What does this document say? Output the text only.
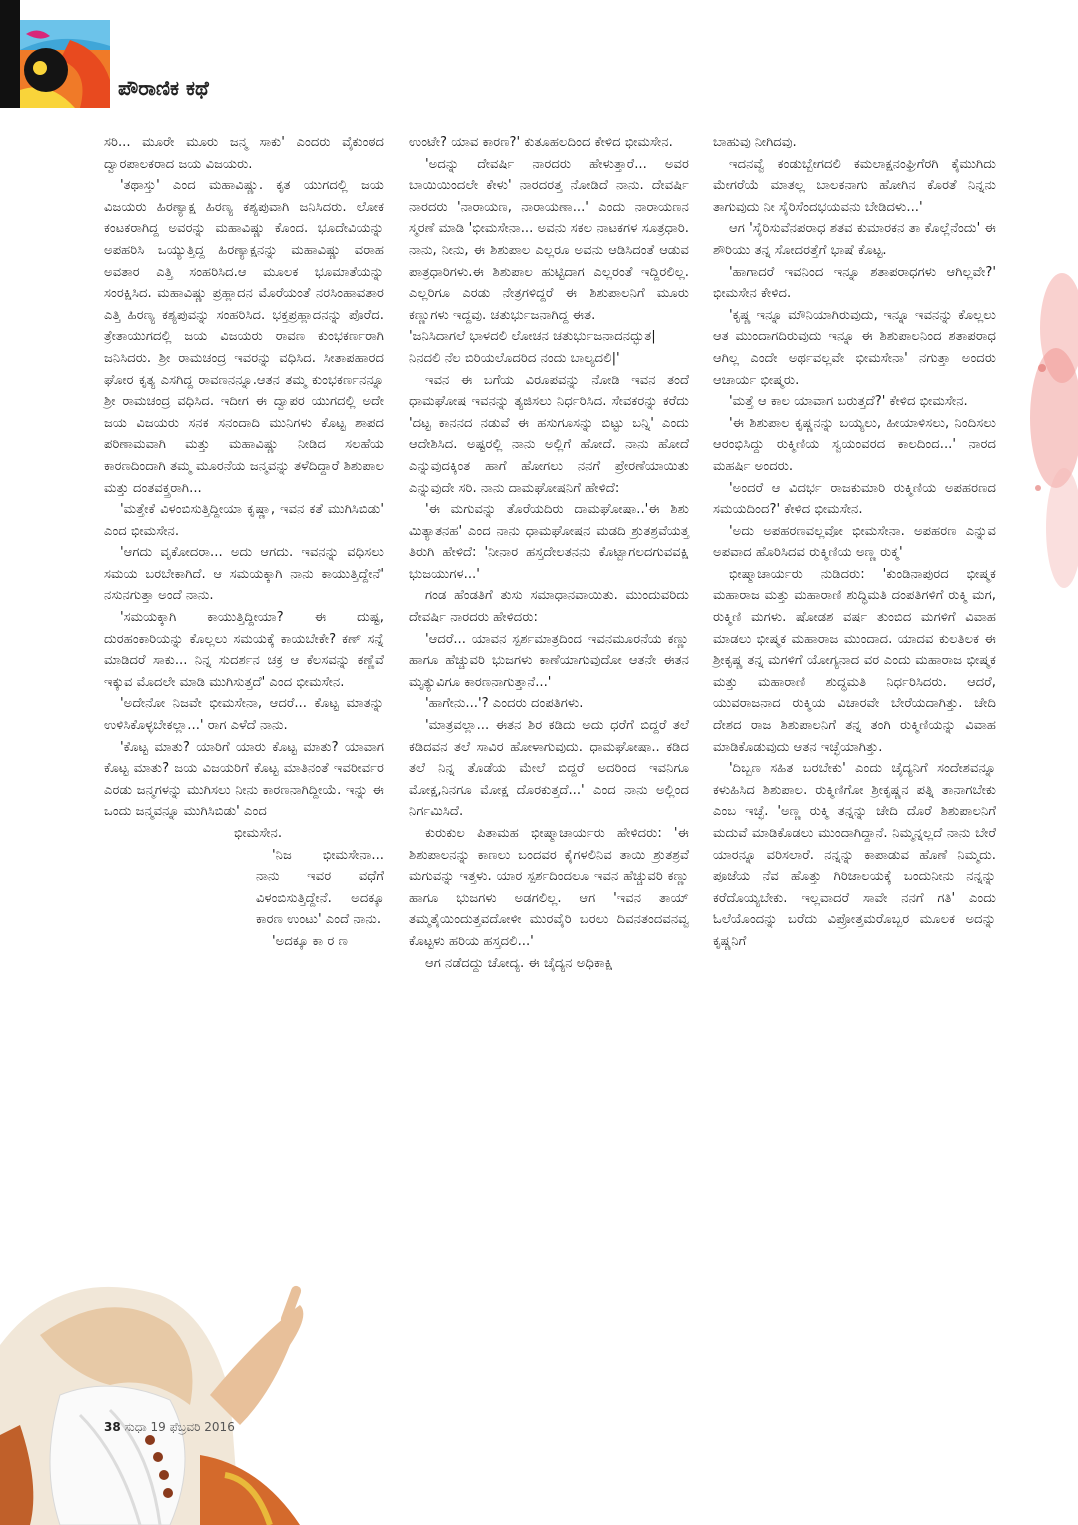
ಪೌರಾಣಿಕ ಕಥೆ

ಸರಿ... ಮೂರೇ ಮೂರು ಜನ್ಮ ಸಾಕು' ಎಂದರು ವೈಕುಂಠದ ದ್ವಾರಪಾಲಕರಾದ ಜಯ ವಿಜಯರು.

'ತಥಾಸ್ತು' ಎಂದ ಮಹಾವಿಷ್ಣು. ಕೃತ ಯುಗದಲ್ಲಿ ಜಯ ವಿಜಯರು ಹಿರಣ್ಯಾಕ್ಷ ಹಿರಣ್ಯ ಕಶ್ಯಪುವಾಗಿ ಜನಿಸಿದರು. ಲೋಕ ಕಂಟಕರಾಗಿದ್ದ ಅವರನ್ನು ಮಹಾವಿಷ್ಣು ಕೊಂದ. ಭೂದೇವಿಯನ್ನು ಅಪಹರಿಸಿ ಒಯ್ಯುತ್ತಿದ್ದ ಹಿರಣ್ಯಾಕ್ಷನನ್ನು ಮಹಾವಿಷ್ಣು ವರಾಹ ಅವತಾರ ಎತ್ತಿ ಸಂಹರಿಸಿದ.ಆ ಮೂಲಕ ಭೂಮಾತೆಯನ್ನು ಸಂರಕ್ಷಿಸಿದ. ಮಹಾವಿಷ್ಣು ಪ್ರಹ್ಲಾದನ ಮೊರೆಯಂತೆ ನರಸಿಂಹಾವತಾರ ಎತ್ತಿ ಹಿರಣ್ಯ ಕಶ್ಯಪುವನ್ನು ಸಂಹರಿಸಿದ. ಭಕ್ತಪ್ರಹ್ಲಾದನನ್ನು ಪೊರೆದ. ತ್ರೇತಾಯುಗದಲ್ಲಿ ಜಯ ವಿಜಯರು ರಾವಣ ಕುಂಭಕರ್ಣರಾಗಿ ಜನಿಸಿದರು. ಶ್ರೀ ರಾಮಚಂದ್ರ ಇವರನ್ನು ವಧಿಸಿದ. ಸೀತಾಪಹಾರದ ಘೋರ ಕೃತ್ಯ ಎಸಗಿದ್ದ ರಾವಣನನ್ನೂ.ಆತನ ತಮ್ಮ ಕುಂಭಕರ್ಣನನ್ನೂ ಶ್ರೀ ರಾಮಚಂದ್ರ ವಧಿಸಿದ. ಇದೀಗ ಈ ದ್ವಾಪರ ಯುಗದಲ್ಲಿ ಅದೇ ಜಯ ವಿಜಯರು ಸನಕ ಸನಂದಾದಿ ಮುನಿಗಳು ಕೊಟ್ಟ ಶಾಪದ ಪರಿಣಾಮವಾಗಿ ಮತ್ತು ಮಹಾವಿಷ್ಣು ನೀಡಿದ ಸಲಹೆಯ ಕಾರಣದಿಂದಾಗಿ ತಮ್ಮ ಮೂರನೆಯ ಜನ್ಮವನ್ನು ತಳೆದಿದ್ದಾರೆ ಶಿಶುಪಾಲ ಮತ್ತು ದಂತವಕ್ತ್ರರಾಗಿ...

'ಮತ್ತೇಕೆ ವಿಳಂಬಿಸುತ್ತಿದ್ದೀಯಾ ಕೃಷ್ಣಾ, ಇವನ ಕತೆ ಮುಗಿಸಿಬಿಡು' ಎಂದ ಭೀಮಸೇನ.

'ಆಗದು ವೃಕೋದರಾ... ಅದು ಆಗದು. ಇವನನ್ನು ವಧಿಸಲು ಸಮಯ ಬರಬೇಕಾಗಿದೆ. ಆ ಸಮಯಕ್ಕಾಗಿ ನಾನು ಕಾಯುತ್ತಿದ್ದೇನೆ' ನಸುನಗುತ್ತಾ ಅಂದೆ ನಾನು.

'ಸಮಯಕ್ಕಾಗಿ ಕಾಯುತ್ತಿದ್ದೀಯಾ? ಈ ದುಷ್ಟ, ದುರಹಂಕಾರಿಯನ್ನು ಕೊಲ್ಲಲು ಸಮಯಕ್ಕೆ ಕಾಯಬೇಕೇ? ಕಣ್ ಸನ್ನೆ ಮಾಡಿದರೆ ಸಾಕು... ನಿನ್ನ ಸುದರ್ಶನ ಚಕ್ರ ಆ ಕೆಲಸವನ್ನು ಕಣ್ಣೆವೆ ಇಕ್ಕುವ ಮೊದಲೇ ಮಾಡಿ ಮುಗಿಸುತ್ತದೆ' ಎಂದ ಭೀಮಸೇನ.

'ಅದೇನೋ ನಿಜವೇ ಭೀಮಸೇನಾ, ಆದರೆ... ಕೊಟ್ಟ ಮಾತನ್ನು ಉಳಿಸಿಕೊಳ್ಳಬೇಕಲ್ಲಾ...' ರಾಗ ಎಳೆದೆ ನಾನು.

'ಕೊಟ್ಟ ಮಾತು? ಯಾರಿಗೆ ಯಾರು ಕೊಟ್ಟ ಮಾತು? ಯಾವಾಗ ಕೊಟ್ಟ ಮಾತು? ಜಯ ವಿಜಯರಿಗೆ ಕೊಟ್ಟ ಮಾತಿನಂತೆ ಇವರೀರ್ವರ ಎರಡು ಜನ್ಮಗಳನ್ನು ಮುಗಿಸಲು ನೀನು ಕಾರಣನಾಗಿದ್ದೀಯೆ. ಇನ್ನು ಈ ಒಂದು ಜನ್ಮವನ್ನೂ ಮುಗಿಸಿಬಿಡು' ಎಂದ

ಭೀಮಸೇನ.

'ನಿಜ ಭೀಮಸೇನಾ... ನಾನು ಇವರ ವಧೆಗೆ ವಿಳಂಬಿಸುತ್ತಿದ್ದೇನೆ. ಅದಕ್ಕೂ ಕಾರಣ ಉಂಟು' ಎಂದೆ ನಾನು.

'ಅದಕ್ಕೂ ಕಾ ರ ಣ

ಉಂಟೇ? ಯಾವ ಕಾರಣ?' ಕುತೂಹಲದಿಂದ ಕೇಳಿದ ಭೀಮಸೇನ.

'ಅದನ್ನು ದೇವರ್ಷಿ ನಾರದರು ಹೇಳುತ್ತಾರೆ... ಅವರ ಬಾಯಿಯಿಂದಲೇ ಕೇಳು' ನಾರದರತ್ತ ನೋಡಿದೆ ನಾನು. ದೇವರ್ಷಿ ನಾರದರು 'ನಾರಾಯಣ, ನಾರಾಯಣಾ...' ಎಂದು ನಾರಾಯಣನ ಸ್ಮರಣೆ ಮಾಡಿ 'ಭೀಮಸೇನಾ... ಅವನು ಸಕಲ ನಾಟಕಗಳ ಸೂತ್ರಧಾರಿ. ನಾನು, ನೀನು, ಈ ಶಿಶುಪಾಲ ಎಲ್ಲರೂ ಅವನು ಆಡಿಸಿದಂತೆ ಆಡುವ ಪಾತ್ರಧಾರಿಗಳು.ಈ ಶಿಶುಪಾಲ ಹುಟ್ಟಿದಾಗ ಎಲ್ಲರಂತೆ ಇದ್ದಿರಲಿಲ್ಲ. ಎಲ್ಲರಿಗೂ ಎರಡು ನೇತ್ರಗಳಿದ್ದರೆ ಈ ಶಿಶುಪಾಲನಿಗೆ ಮೂರು ಕಣ್ಣುಗಳು ಇದ್ದವು. ಚತುರ್ಭುಜನಾಗಿದ್ದ ಈತ.

'ಜನಿಸಿದಾಗಲೆ ಭಾಳದಲಿ ಲೋಚನ ಚತುರ್ಭುಜನಾದನದ್ಭುತ|

ನಿನದಲಿ ನೆಲ ಬಿರಿಯಲೊದರಿದ ನಂದು ಬಾಲ್ಯದಲಿ|'

ಇವನ ಈ ಬಗೆಯ ವಿರೂಪವನ್ನು ನೋಡಿ ಇವನ ತಂದೆ ಧಾಮಘೋಷ ಇವನನ್ನು ತ್ಯಜಿಸಲು ನಿರ್ಧರಿಸಿದ. ಸೇವಕರನ್ನು ಕರೆದು 'ದಟ್ಟ ಕಾನನದ ನಡುವೆ ಈ ಹಸುಗೂಸನ್ನು ಬಿಟ್ಟು ಬನ್ನಿ' ಎಂದು ಆದೇಶಿಸಿದ. ಅಷ್ಟರಲ್ಲಿ ನಾನು ಅಲ್ಲಿಗೆ ಹೋದೆ. ನಾನು ಹೋದೆ ಎನ್ನುವುದಕ್ಕಿಂತ ಹಾಗೆ ಹೋಗಲು ನನಗೆ ಪ್ರೇರಣೆಯಾಯಿತು ಎನ್ನುವುದೇ ಸರಿ. ನಾನು ದಾಮಘೋಷನಿಗೆ ಹೇಳಿದೆ:

'ಈ ಮಗುವನ್ನು ತೊರೆಯದಿರು ದಾಮಘೋಷಾ..'ಈ ಶಿಶು ಮಿತ್ಯಾತನಹ' ಎಂದ ನಾನು ಧಾಮಘೋಷನ ಮಡದಿ ಶ್ರುತಶ್ರವೆಯತ್ತ ತಿರುಗಿ ಹೇಳಿದೆ: 'ನೀನಾರ ಹಸ್ತದೇಲತನನು ಕೊಟ್ಬಾಗಲದಗುವವಕ್ಷಿ ಭುಜಯುಗಳ...'

ಗಂಡ ಹೆಂಡತಿಗೆ ತುಸು ಸಮಾಧಾನವಾಯಿತು. ಮುಂದುವರಿದು ದೇವರ್ಷಿ ನಾರದರು ಹೇಳಿದರು:

'ಆದರೆ... ಯಾವನ ಸ್ಪರ್ಶಮಾತ್ರದಿಂದ ಇವನಮೂರನೆಯ ಕಣ್ಣು ಹಾಗೂ ಹೆಚ್ಚುವರಿ ಭುಜಗಳು ಕಾಣೆಯಾಗುವುದೋ ಆತನೇ ಈತನ ಮೃತ್ಯುವಿಗೂ ಕಾರಣನಾಗುತ್ತಾನೆ...'

'ಹಾಗೇನು...'? ಎಂದರು ದಂಪತಿಗಳು.

'ಮಾತ್ರವಲ್ಲಾ... ಈತನ ಶಿರ ಕಡಿದು ಅದು ಧರೆಗೆ ಬಿದ್ದರೆ ತಲೆ ಕಡಿದವನ ತಲೆ ಸಾವಿರ ಹೋಳಾಗುವುದು. ಧಾಮಘೋಷಾ.. ಕಡಿದ ತಲೆ ನಿನ್ನ ತೊಡೆಯ ಮೇಲೆ ಬಿದ್ದರೆ ಅದರಿಂದ ಇವನಿಗೂ ಮೋಕ್ಷ,ನಿನಗೂ ಮೋಕ್ಷ ದೊರಕುತ್ತದೆ...' ಎಂದ ನಾನು ಅಲ್ಲಿಂದ ನಿರ್ಗಮಿಸಿದೆ.

ಕುರುಕುಲ ಪಿತಾಮಹ ಭೀಷ್ಮಾಚಾರ್ಯರು ಹೇಳಿದರು: 'ಈ ಶಿಶುಪಾಲನನ್ನು ಕಾಣಲು ಬಂದವರ ಕೈಗಳಲಿನಿವ ತಾಯಿ ಶ್ರುತಶ್ರವೆ ಮಗುವನ್ನು ಇತ್ತಳು. ಯಾರ ಸ್ಪರ್ಶದಿಂದಲೂ ಇವನ ಹೆಚ್ಚುವರಿ ಕಣ್ಣು ಹಾಗೂ ಭುಜಗಳು ಅಡಗಲಿಲ್ಲ. ಆಗ 'ಇವನ ತಾಯ್ ತಮ್ಮತೈಯಿಂದುತ್ತವದೋಳೀ ಮುರವೈರಿ ಬರಲು ದಿವನತಂದವನವ್ವ ಕೊಟ್ಟಳು ಹರಿಯ ಹಸ್ತದಲಿ...'

ಆಗ ನಡೆದದ್ದು ಚೋದ್ಯ. ಈ ಚೈದ್ಯನ ಅಧಿಕಾಕ್ಷಿ

ಬಾಹುವು ನೀಗಿದವು.

ಇದನವ್ವೆ ಕಂಡುಬ್ಬೇಗದಲಿ ಕಮಲಾಕ್ಷನಂಘ್ರಿಗೆರಗಿ ಕೈಮುಗಿದು ಮೇಗರೆಯೆ ಮಾತಲ್ಲ ಬಾಲಕನಾಗು ಹೋಗಿನ ಕೊರತೆ ನಿನ್ನನು ತಾಗುವುದು ನೀ ಸೈರಿಸೆಂದಭಯವನು ಬೇಡಿದಳು...'

ಆಗ 'ಸೈರಿಸುವೆನಪರಾಧ ಶತವ ಕುಮಾರಕನ ತಾ ಕೊಲ್ಲೆನೆಂದು' ಈ ಶೌರಿಯು ತನ್ನ ಸೋದರತ್ತೆಗೆ ಭಾಷೆ ಕೊಟ್ಟ.

'ಹಾಗಾದರೆ ಇವನಿಂದ ಇನ್ನೂ ಶತಾಪರಾಧಗಳು ಆಗಿಲ್ಲವೇ?' ಭೀಮಸೇನ ಕೇಳಿದ.

'ಕೃಷ್ಣ ಇನ್ನೂ ಮೌನಿಯಾಗಿರುವುದು, ಇನ್ನೂ ಇವನನ್ನು ಕೊಲ್ಲಲು ಆತ ಮುಂದಾಗದಿರುವುದು ಇನ್ನೂ ಈ ಶಿಶುಪಾಲನಿಂದ ಶತಾಪರಾಧ ಆಗಿಲ್ಲ ಎಂದೇ ಅರ್ಥವಲ್ಲವೇ ಭೀಮಸೇನಾ' ನಗುತ್ತಾ ಅಂದರು ಆಚಾರ್ಯ ಭೀಷ್ಮರು.

'ಮತ್ತೆ ಆ ಕಾಲ ಯಾವಾಗ ಬರುತ್ತದೆ?' ಕೇಳಿದ ಭೀಮಸೇನ.

'ಈ ಶಿಶುಪಾಲ ಕೃಷ್ಣನನ್ನು ಬಯ್ಯಲು, ಹೀಯಾಳಿಸಲು, ನಿಂದಿಸಲು ಆರಂಭಿಸಿದ್ದು ರುಕ್ಮಿಣಿಯ ಸ್ವಯಂವರದ ಕಾಲದಿಂದ...' ನಾರದ ಮಹರ್ಷಿ ಅಂದರು.

'ಅಂದರೆ ಆ ವಿದರ್ಭ ರಾಜಕುಮಾರಿ ರುಕ್ಮಿಣಿಯ ಅಪಹರಣದ ಸಮಯದಿಂದ?' ಕೇಳಿದ ಭೀಮಸೇನ.

'ಅದು ಅಪಹರಣವಲ್ಲವೋ ಭೀಮಸೇನಾ. ಅಪಹರಣ ಎನ್ನುವ ಅಪವಾದ ಹೊರಿಸಿದವ ರುಕ್ಮಿಣಿಯ ಅಣ್ಣ ರುಕ್ಮ'

ಭೀಷ್ಮಾಚಾರ್ಯರು ನುಡಿದರು: 'ಕುಂಡಿನಾಪುರದ ಭೀಷ್ಮಕ ಮಹಾರಾಜ ಮತ್ತು ಮಹಾರಾಣಿ ಶುದ್ಧಿಮತಿ ದಂಪತಿಗಳಿಗೆ ರುಕ್ಮಿ ಮಗ, ರುಕ್ಮಿಣಿ ಮಗಳು. ಷೋಡಶ ವರ್ಷ ತುಂಬಿದ ಮಗಳಿಗೆ ವಿವಾಹ ಮಾಡಲು ಭೀಷ್ಮಕ ಮಹಾರಾಜ ಮುಂದಾದ. ಯಾದವ ಕುಲತಿಲಕ ಈ ಶ್ರೀಕೃಷ್ಣ ತನ್ನ ಮಗಳಿಗೆ ಯೋಗ್ಯನಾದ ವರ ಎಂದು ಮಹಾರಾಜ ಭೀಷ್ಮಕ ಮತ್ತು ಮಹಾರಾಣಿ ಶುದ್ಧಮತಿ ನಿರ್ಧರಿಸಿದರು. ಆದರೆ, ಯುವರಾಜನಾದ ರುಕ್ಮಿಯ ವಿಚಾರವೇ ಬೇರೆಯದಾಗಿತ್ತು. ಚೇದಿ ದೇಶದ ರಾಜ ಶಿಶುಪಾಲನಿಗೆ ತನ್ನ ತಂಗಿ ರುಕ್ಮಿಣಿಯನ್ನು ವಿವಾಹ ಮಾಡಿಕೊಡುವುದು ಆತನ ಇಚ್ಛೆಯಾಗಿತ್ತು.

'ದಿಬ್ಬಣ ಸಹಿತ ಬರಬೇಕು' ಎಂದು ಚೈದ್ಯನಿಗೆ ಸಂದೇಶವನ್ನೂ ಕಳುಹಿಸಿದ ಶಿಶುಪಾಲ. ರುಕ್ಮಿಣಿಗೋ ಶ್ರೀಕೃಷ್ಣನ ಪತ್ನಿ ತಾನಾಗಬೇಕು ಎಂಬ ಇಚ್ಛೆ. 'ಅಣ್ಣ ರುಕ್ಮಿ ತನ್ನನ್ನು ಚೇದಿ ದೊರೆ ಶಿಶುಪಾಲನಿಗೆ ಮದುವೆ ಮಾಡಿಕೊಡಲು ಮುಂದಾಗಿದ್ದಾನೆ. ನಿಮ್ಮನ್ನಲ್ಲದೆ ನಾನು ಬೇರೆ ಯಾರನ್ನೂ ವರಿಸಲಾರೆ. ನನ್ನನ್ನು ಕಾಪಾಡುವ ಹೊಣೆ ನಿಮ್ಮದು. ಪೂಜೆಯ ನೆವ ಹೊತ್ತು ಗಿರಿಜಾಲಯಕ್ಕೆ ಬಂದುನೀನು ನನ್ನನ್ನು ಕರೆದೊಯ್ಯಬೇಕು. ಇಲ್ಲವಾದರೆ ಸಾವೇ ನನಗೆ ಗತಿ' ಎಂದು ಓಲೆಯೊಂದನ್ನು ಬರೆದು ವಿಪ್ರೋತ್ತಮರೊಬ್ಬರ ಮೂಲಕ ಅದನ್ನು ಕೃಷ್ಣನಿಗೆ

38 ಸುಧಾ 19 ಫೆಬ್ರವರಿ 2016
